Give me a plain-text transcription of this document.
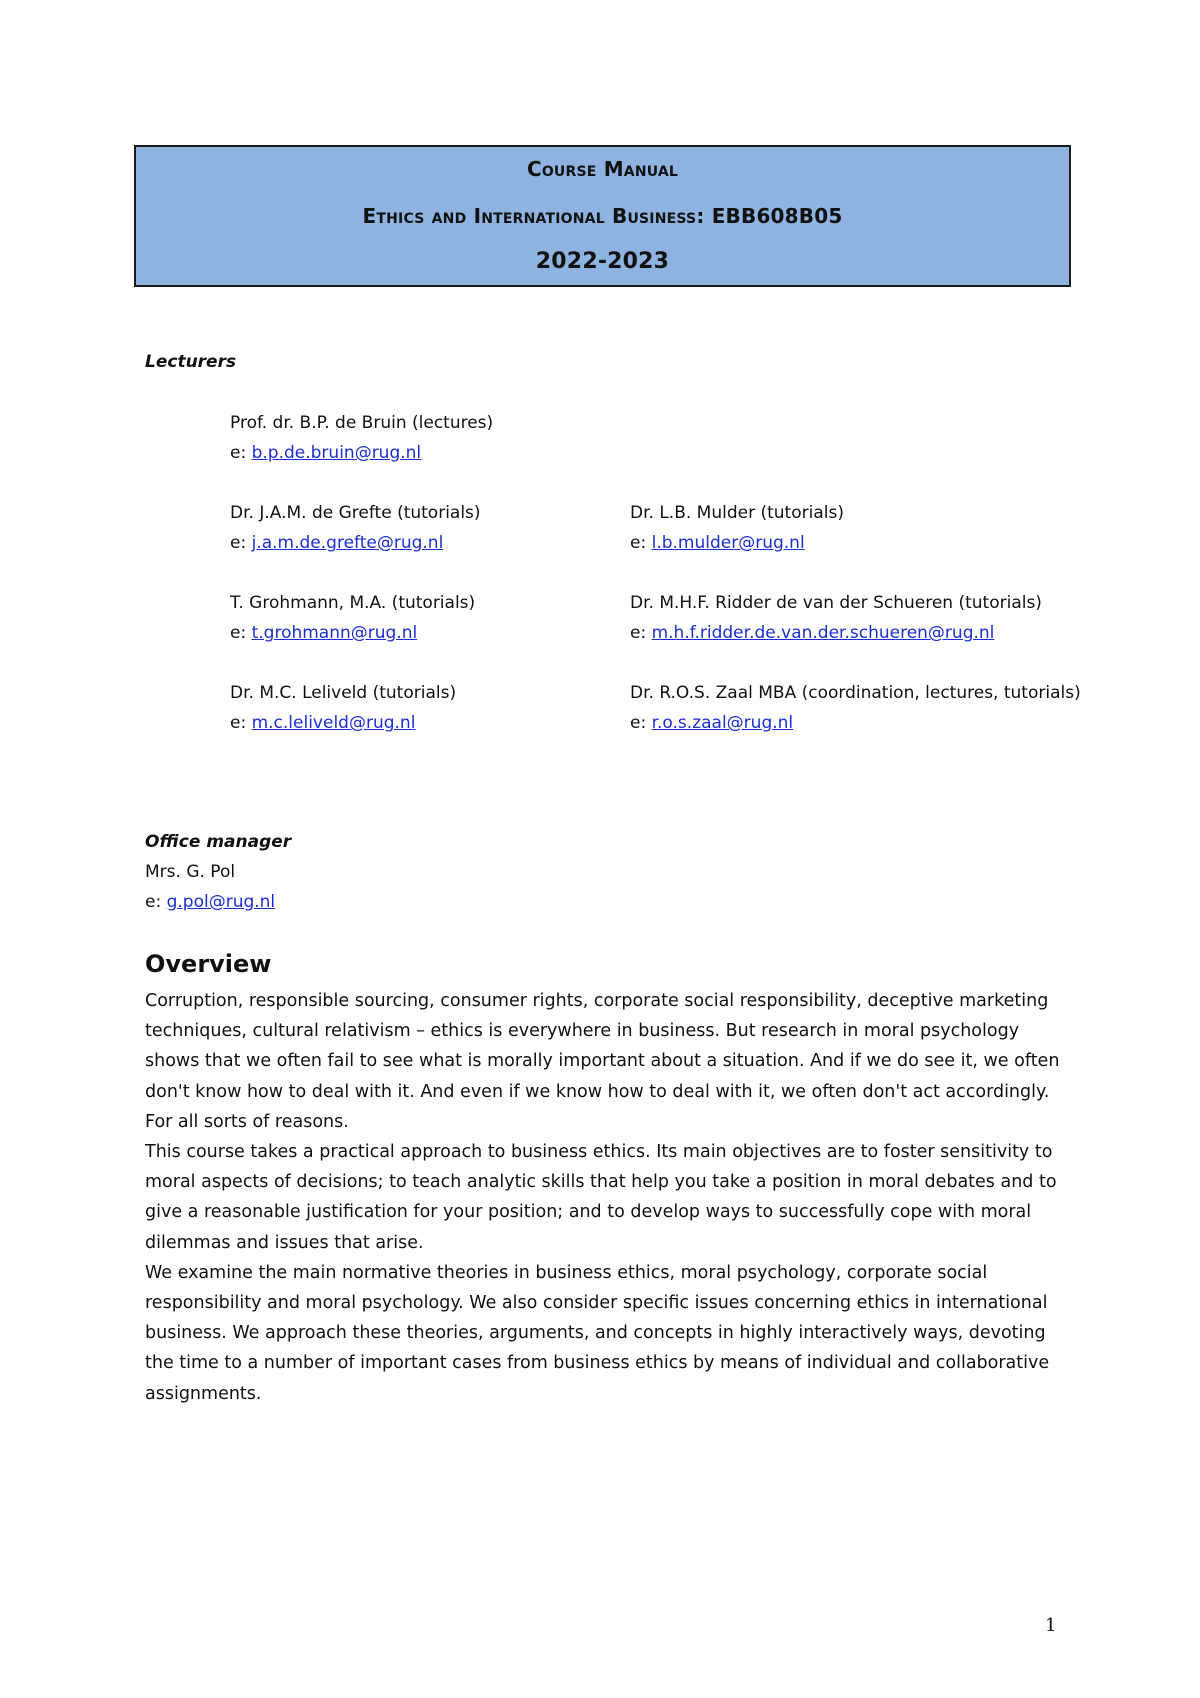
Course Manual
Ethics and International Business: EBB608B05
2022-2023
Lecturers
Prof. dr. B.P. de Bruin (lectures)
e: b.p.de.bruin@rug.nl
Dr. J.A.M. de Grefte (tutorials)
e: j.a.m.de.grefte@rug.nl
Dr. L.B. Mulder (tutorials)
e: l.b.mulder@rug.nl
T. Grohmann, M.A. (tutorials)
e: t.grohmann@rug.nl
Dr. M.H.F. Ridder de van der Schueren (tutorials)
e: m.h.f.ridder.de.van.der.schueren@rug.nl
Dr. M.C. Leliveld (tutorials)
e: m.c.leliveld@rug.nl
Dr. R.O.S. Zaal MBA (coordination, lectures, tutorials)
e: r.o.s.zaal@rug.nl
Office manager
Mrs. G. Pol
e: g.pol@rug.nl
Overview

Corruption, responsible sourcing, consumer rights, corporate social responsibility, deceptive marketing techniques, cultural relativism – ethics is everywhere in business. But research in moral psychology shows that we often fail to see what is morally important about a situation. And if we do see it, we often don't know how to deal with it. And even if we know how to deal with it, we often don't act accordingly. For all sorts of reasons.

This course takes a practical approach to business ethics. Its main objectives are to foster sensitivity to moral aspects of decisions; to teach analytic skills that help you take a position in moral debates and to give a reasonable justification for your position; and to develop ways to successfully cope with moral dilemmas and issues that arise.

We examine the main normative theories in business ethics, moral psychology, corporate social responsibility and moral psychology. We also consider specific issues concerning ethics in international business. We approach these theories, arguments, and concepts in highly interactively ways, devoting the time to a number of important cases from business ethics by means of individual and collaborative assignments.

1
